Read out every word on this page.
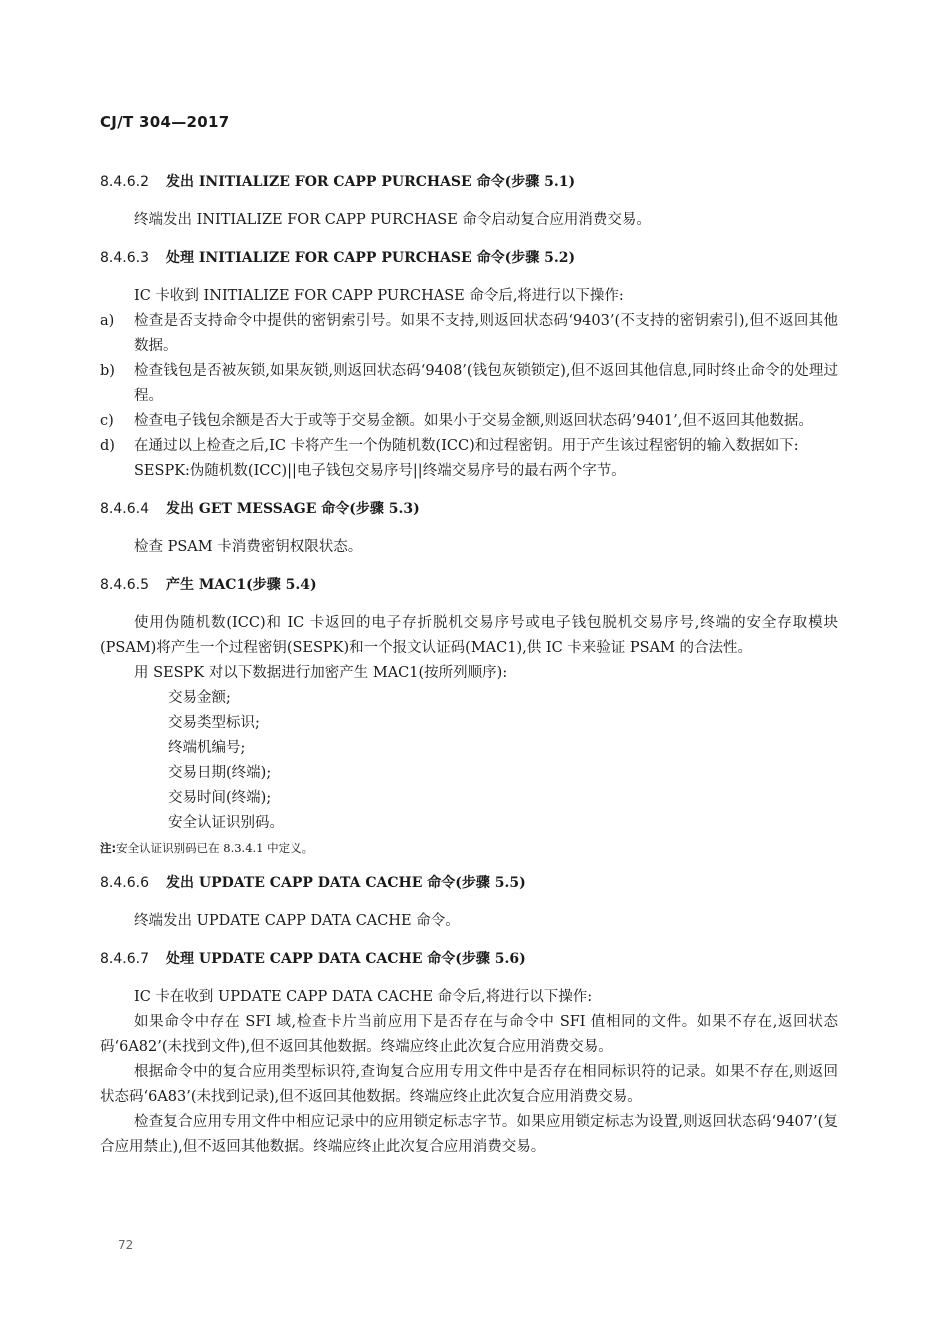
CJ/T 304—2017
8.4.6.2 发出 INITIALIZE FOR CAPP PURCHASE 命令(步骤 5.1)

终端发出 INITIALIZE FOR CAPP PURCHASE 命令启动复合应用消费交易。

8.4.6.3 处理 INITIALIZE FOR CAPP PURCHASE 命令(步骤 5.2)

IC 卡收到 INITIALIZE FOR CAPP PURCHASE 命令后,将进行以下操作:

a)	检查是否支持命令中提供的密钥索引号。如果不支持,则返回状态码‘9403’(不支持的密钥索引),但不返回其他数据。
b)	检查钱包是否被灰锁,如果灰锁,则返回状态码‘9408’(钱包灰锁锁定),但不返回其他信息,同时终止命令的处理过程。
c)	检查电子钱包余额是否大于或等于交易金额。如果小于交易金额,则返回状态码’9401’,但不返回其他数据。
d)	在通过以上检查之后,IC 卡将产生一个伪随机数(ICC)和过程密钥。用于产生该过程密钥的输入数据如下:

SESPK:伪随机数(ICC)||电子钱包交易序号||终端交易序号的最右两个字节。

8.4.6.4 发出 GET MESSAGE 命令(步骤 5.3)

检查 PSAM 卡消费密钥权限状态。

8.4.6.5 产生 MAC1(步骤 5.4)

使用伪随机数(ICC)和 IC 卡返回的电子存折脱机交易序号或电子钱包脱机交易序号,终端的安全存取模块(PSAM)将产生一个过程密钥(SESPK)和一个报文认证码(MAC1),供 IC 卡来验证 PSAM 的合法性。

用 SESPK 对以下数据进行加密产生 MAC1(按所列顺序):

交易金额;
交易类型标识;
终端机编号;
交易日期(终端);
交易时间(终端);
安全认证识别码。
注:安全认证识别码已在 8.3.4.1 中定义。
8.4.6.6 发出 UPDATE CAPP DATA CACHE 命令(步骤 5.5)

终端发出 UPDATE CAPP DATA CACHE 命令。

8.4.6.7 处理 UPDATE CAPP DATA CACHE 命令(步骤 5.6)

IC 卡在收到 UPDATE CAPP DATA CACHE 命令后,将进行以下操作:

如果命令中存在 SFI 域,检查卡片当前应用下是否存在与命令中 SFI 值相同的文件。如果不存在,返回状态码‘6A82’(未找到文件),但不返回其他数据。终端应终止此次复合应用消费交易。

根据命令中的复合应用类型标识符,查询复合应用专用文件中是否存在相同标识符的记录。如果不存在,则返回状态码‘6A83’(未找到记录),但不返回其他数据。终端应终止此次复合应用消费交易。

检查复合应用专用文件中相应记录中的应用锁定标志字节。如果应用锁定标志为设置,则返回状态码‘9407’(复合应用禁止),但不返回其他数据。终端应终止此次复合应用消费交易。

72
